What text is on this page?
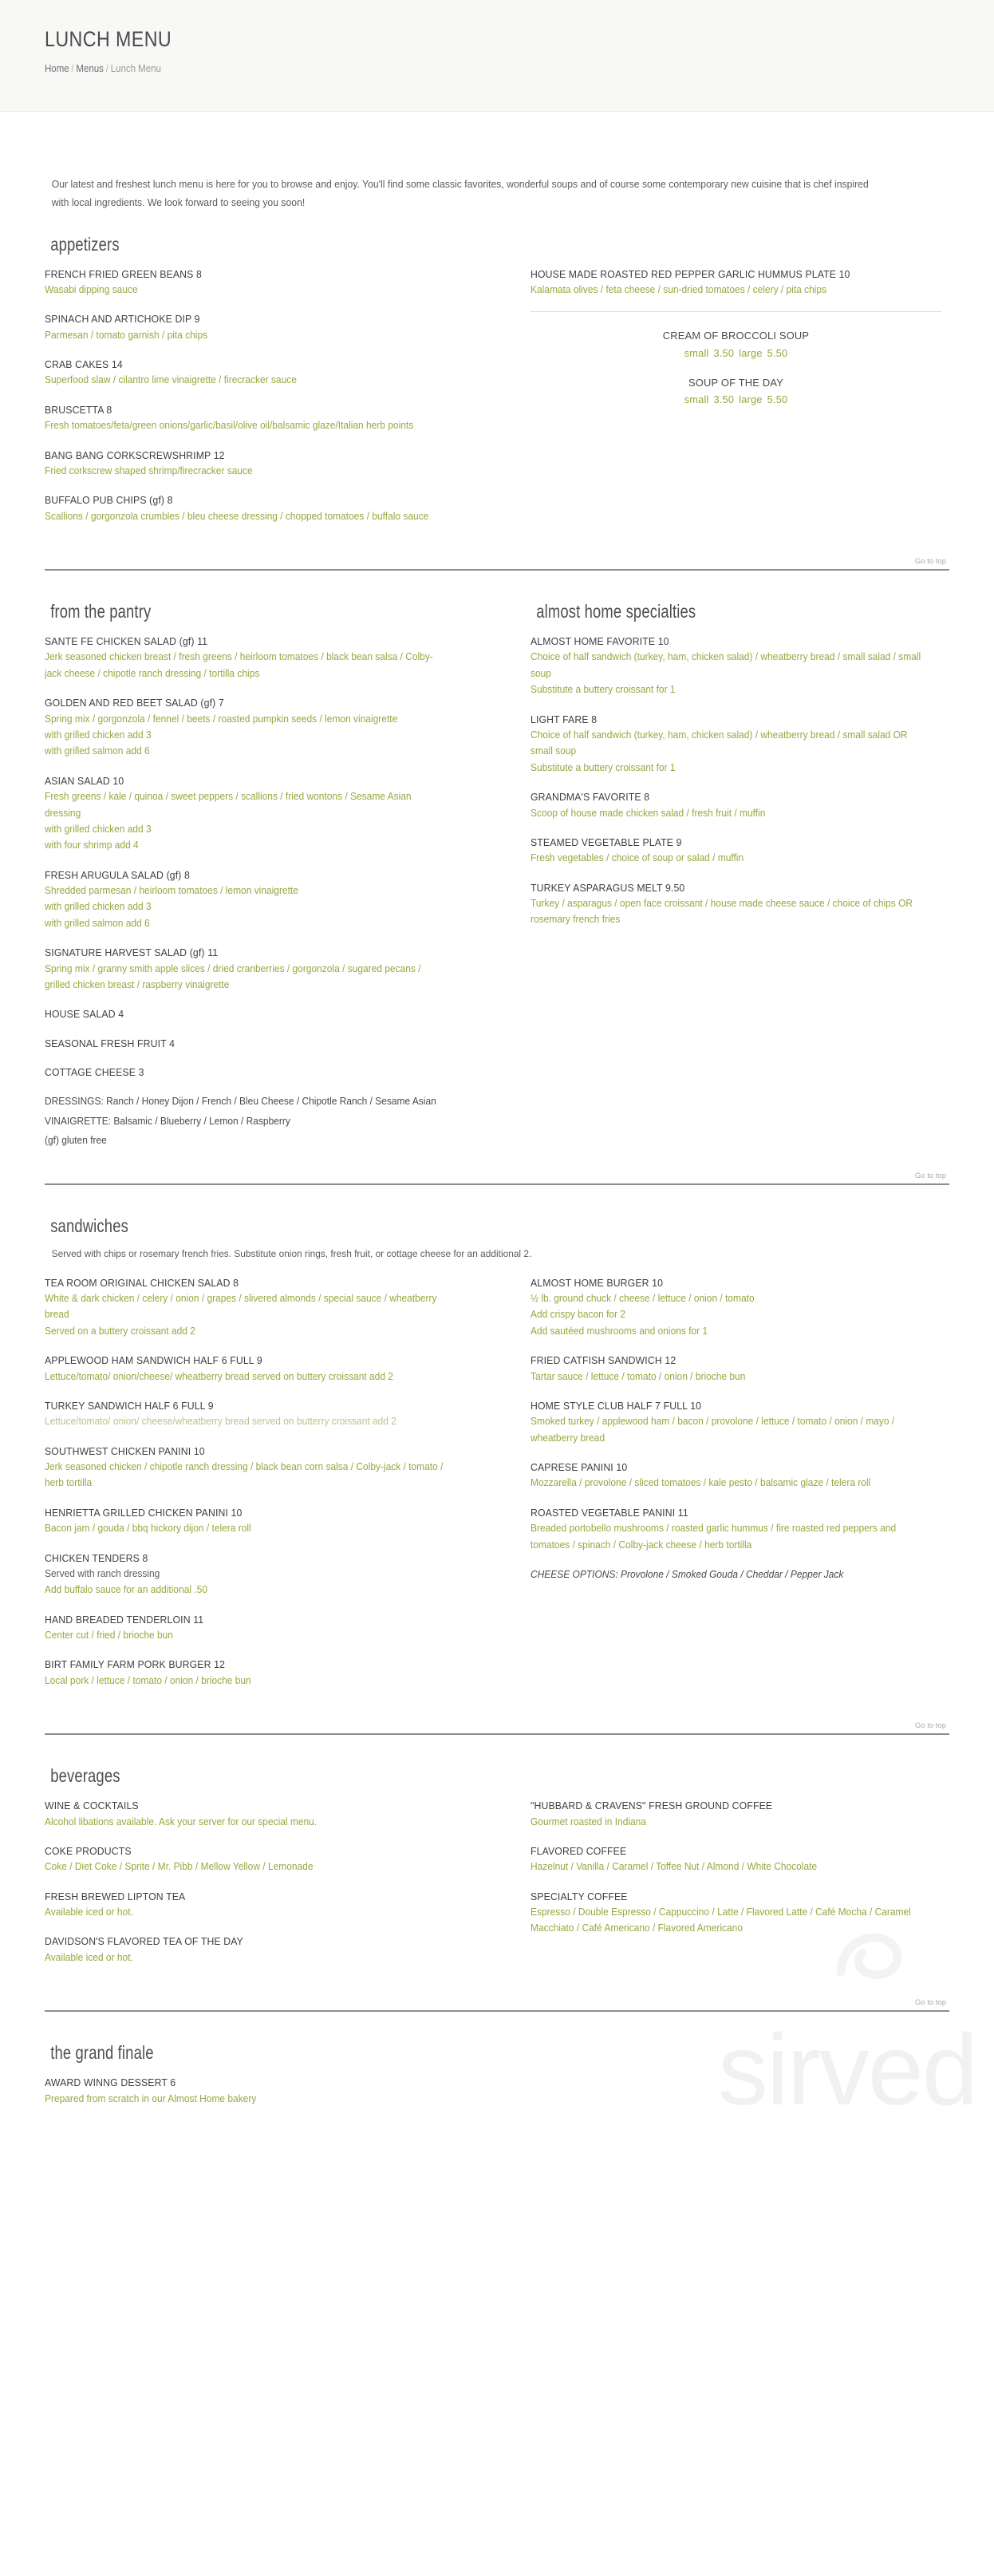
LUNCH MENU
Home / Menus / Lunch Menu

Our latest and freshest lunch menu is here for you to browse and enjoy. You'll find some classic favorites, wonderful soups and of course some contemporary new cuisine that is chef inspired with local ingredients. We look forward to seeing you soon!

appetizers
FRENCH FRIED GREEN BEANS 8
Wasabi dipping sauce
SPINACH AND ARTICHOKE DIP 9
Parmesan / tomato garnish / pita chips
CRAB CAKES 14
Superfood slaw / cilantro lime vinaigrette / firecracker sauce
BRUSCETTA 8
Fresh tomatoes/feta/green onions/garlic/basil/olive oil/balsamic glaze/Italian herb points
BANG BANG CORKSCREWSHRIMP 12
Fried corkscrew shaped shrimp/firecracker sauce
BUFFALO PUB CHIPS (gf) 8
Scallions / gorgonzola crumbles / bleu cheese dressing / chopped tomatoes / buffalo sauce
HOUSE MADE ROASTED RED PEPPER GARLIC HUMMUS PLATE 10
Kalamata olives / feta cheese / sun-dried tomatoes / celery / pita chips
CREAM OF BROCCOLI SOUP
small 3.50 large 5.50
SOUP OF THE DAY
small 3.50 large 5.50
Go to top
from the pantry
SANTE FE CHICKEN SALAD (gf) 11
Jerk seasoned chicken breast / fresh greens / heirloom tomatoes / black bean salsa / Colby-jack cheese / chipotle ranch dressing / tortilla chips
GOLDEN AND RED BEET SALAD (gf) 7
Spring mix / gorgonzola / fennel / beets / roasted pumpkin seeds / lemon vinaigrette
with grilled chicken add 3
with grilled salmon add 6
ASIAN SALAD 10
Fresh greens / kale / quinoa / sweet peppers / scallions / fried wontons / Sesame Asian dressing
with grilled chicken add 3
with four shrimp add 4
FRESH ARUGULA SALAD (gf) 8
Shredded parmesan / heirloom tomatoes / lemon vinaigrette
with grilled chicken add 3
with grilled salmon add 6
SIGNATURE HARVEST SALAD (gf) 11
Spring mix / granny smith apple slices / dried cranberries / gorgonzola / sugared pecans / grilled chicken breast / raspberry vinaigrette
HOUSE SALAD 4
SEASONAL FRESH FRUIT 4
COTTAGE CHEESE 3
DRESSINGS: Ranch / Honey Dijon / French / Bleu Cheese / Chipotle Ranch / Sesame Asian
VINAIGRETTE: Balsamic / Blueberry / Lemon / Raspberry
(gf) gluten free
almost home specialties
ALMOST HOME FAVORITE 10
Choice of half sandwich (turkey, ham, chicken salad) / wheatberry bread / small salad / small soup
Substitute a buttery croissant for 1
LIGHT FARE 8
Choice of half sandwich (turkey, ham, chicken salad) / wheatberry bread / small salad OR small soup
Substitute a buttery croissant for 1
GRANDMA'S FAVORITE 8
Scoop of house made chicken salad / fresh fruit / muffin
STEAMED VEGETABLE PLATE 9
Fresh vegetables / choice of soup or salad / muffin
TURKEY ASPARAGUS MELT 9.50
Turkey / asparagus / open face croissant / house made cheese sauce / choice of chips OR rosemary french fries
Go to top
sandwiches
Served with chips or rosemary french fries. Substitute onion rings, fresh fruit, or cottage cheese for an additional 2.
TEA ROOM ORIGINAL CHICKEN SALAD 8
White & dark chicken / celery / onion / grapes / slivered almonds / special sauce / wheatberry bread
Served on a buttery croissant add 2
APPLEWOOD HAM SANDWICH HALF 6 FULL 9
Lettuce/tomato/ onion/cheese/ wheatberry bread served on buttery croissant add 2
TURKEY SANDWICH HALF 6 FULL 9
Lettuce/tomato/ onion/ cheese/wheatberry bread served on butterry croissant add 2
SOUTHWEST CHICKEN PANINI 10
Jerk seasoned chicken / chipotle ranch dressing / black bean corn salsa / Colby-jack / tomato / herb tortilla
HENRIETTA GRILLED CHICKEN PANINI 10
Bacon jam / gouda / bbq hickory dijon / telera roll
CHICKEN TENDERS 8
Served with ranch dressing
Add buffalo sauce for an additional .50
HAND BREADED TENDERLOIN 11
Center cut / fried / brioche bun
BIRT FAMILY FARM PORK BURGER 12
Local pork / lettuce / tomato / onion / brioche bun
ALMOST HOME BURGER 10
½ lb. ground chuck / cheese / lettuce / onion / tomato
Add crispy bacon for 2
Add sautéed mushrooms and onions for 1
FRIED CATFISH SANDWICH 12
Tartar sauce / lettuce / tomato / onion / brioche bun
HOME STYLE CLUB HALF 7 FULL 10
Smoked turkey / applewood ham / bacon / provolone / lettuce / tomato / onion / mayo / wheatberry bread
CAPRESE PANINI 10
Mozzarella / provolone / sliced tomatoes / kale pesto / balsamic glaze / telera roll
ROASTED VEGETABLE PANINI 11
Breaded portobello mushrooms / roasted garlic hummus / fire roasted red peppers and tomatoes / spinach / Colby-jack cheese / herb tortilla
CHEESE OPTIONS: Provolone / Smoked Gouda / Cheddar / Pepper Jack
Go to top
beverages
WINE & COCKTAILS
Alcohol libations available. Ask your server for our special menu.
COKE PRODUCTS
Coke / Diet Coke / Sprite / Mr. Pibb / Mellow Yellow / Lemonade
FRESH BREWED LIPTON TEA
Available iced or hot.
DAVIDSON'S FLAVORED TEA OF THE DAY
Available iced or hot.
"HUBBARD & CRAVENS" FRESH GROUND COFFEE
Gourmet roasted in Indiana
FLAVORED COFFEE
Hazelnut / Vanilla / Caramel / Toffee Nut / Almond / White Chocolate
SPECIALTY COFFEE
Espresso / Double Espresso / Cappuccino / Latte / Flavored Latte / Café Mocha / Caramel Macchiato / Café Americano / Flavored Americano
Go to top
the grand finale
AWARD WINNG DESSERT 6
Prepared from scratch in our Almost Home bakery	sirved
